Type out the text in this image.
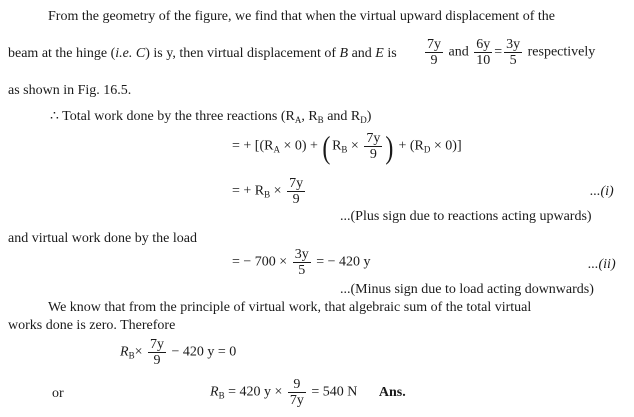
From the geometry of the figure, we find that when the virtual upward displacement of the
beam at the hinge (i.e. C) is y, then virtual displacement of B and E is $\frac{7y}{9}$ and $\frac{6y}{10} = \frac{3y}{5}$ respectively
as shown in Fig. 16.5.
∴ Total work done by the three reactions ($R_A$, $R_B$ and $R_D$)
= + [$(R_A \times 0) + (R_B \times \frac{7y}{9}$ ) + $(R_D \times 0)$]
= + $R_B \times \frac{7y}{9}$	...(i)
...(Plus sign due to reactions acting upwards)
and virtual work done by the load
= − $700 \times \frac{3y}{5}$ = − 420 y	...(ii)
...(Minus sign due to load acting downwards)
We know that from the principle of virtual work, that algebraic sum of the total virtual
works done is zero. Therefore
$R_B\times \frac{7y}{9} - 420$ y = 0
or	$R_B = 420$ $y \times \frac{9}{7y} = 540$ N Ans.
